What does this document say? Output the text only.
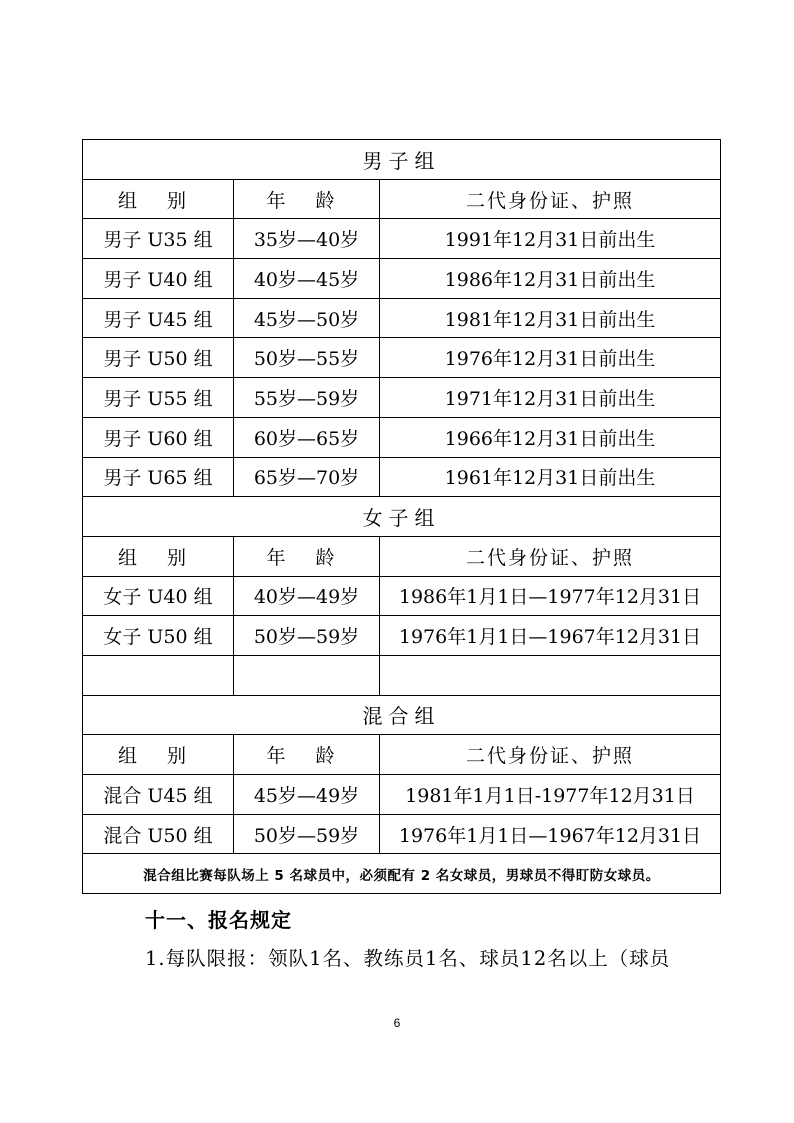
男子组		
组 别	年 龄	二代身份证、护照
男子 U35 组	35岁—40岁	1991年12月31日前出生
男子 U40 组	40岁—45岁	1986年12月31日前出生
男子 U45 组	45岁—50岁	1981年12月31日前出生
男子 U50 组	50岁—55岁	1976年12月31日前出生
男子 U55 组	55岁—59岁	1971年12月31日前出生
男子 U60 组	60岁—65岁	1966年12月31日前出生
男子 U65 组	65岁—70岁	1961年12月31日前出生
女子组		
组 别	年 龄	二代身份证、护照
女子 U40 组	40岁—49岁	1986年1月1日—1977年12月31日
女子 U50 组	50岁—59岁	1976年1月1日—1967年12月31日

混合组		
组 别	年 龄	二代身份证、护照
混合 U45 组	45岁—49岁	1981年1月1日-1977年12月31日
混合 U50 组	50岁—59岁	1976年1月1日—1967年12月31日
混合组比赛每队场上 5 名球员中，必须配有 2 名女球员，男球员不得盯防女球员。		
十一、报名规定
1.每队限报：领队1名、教练员1名、球员12名以上（球员
6
